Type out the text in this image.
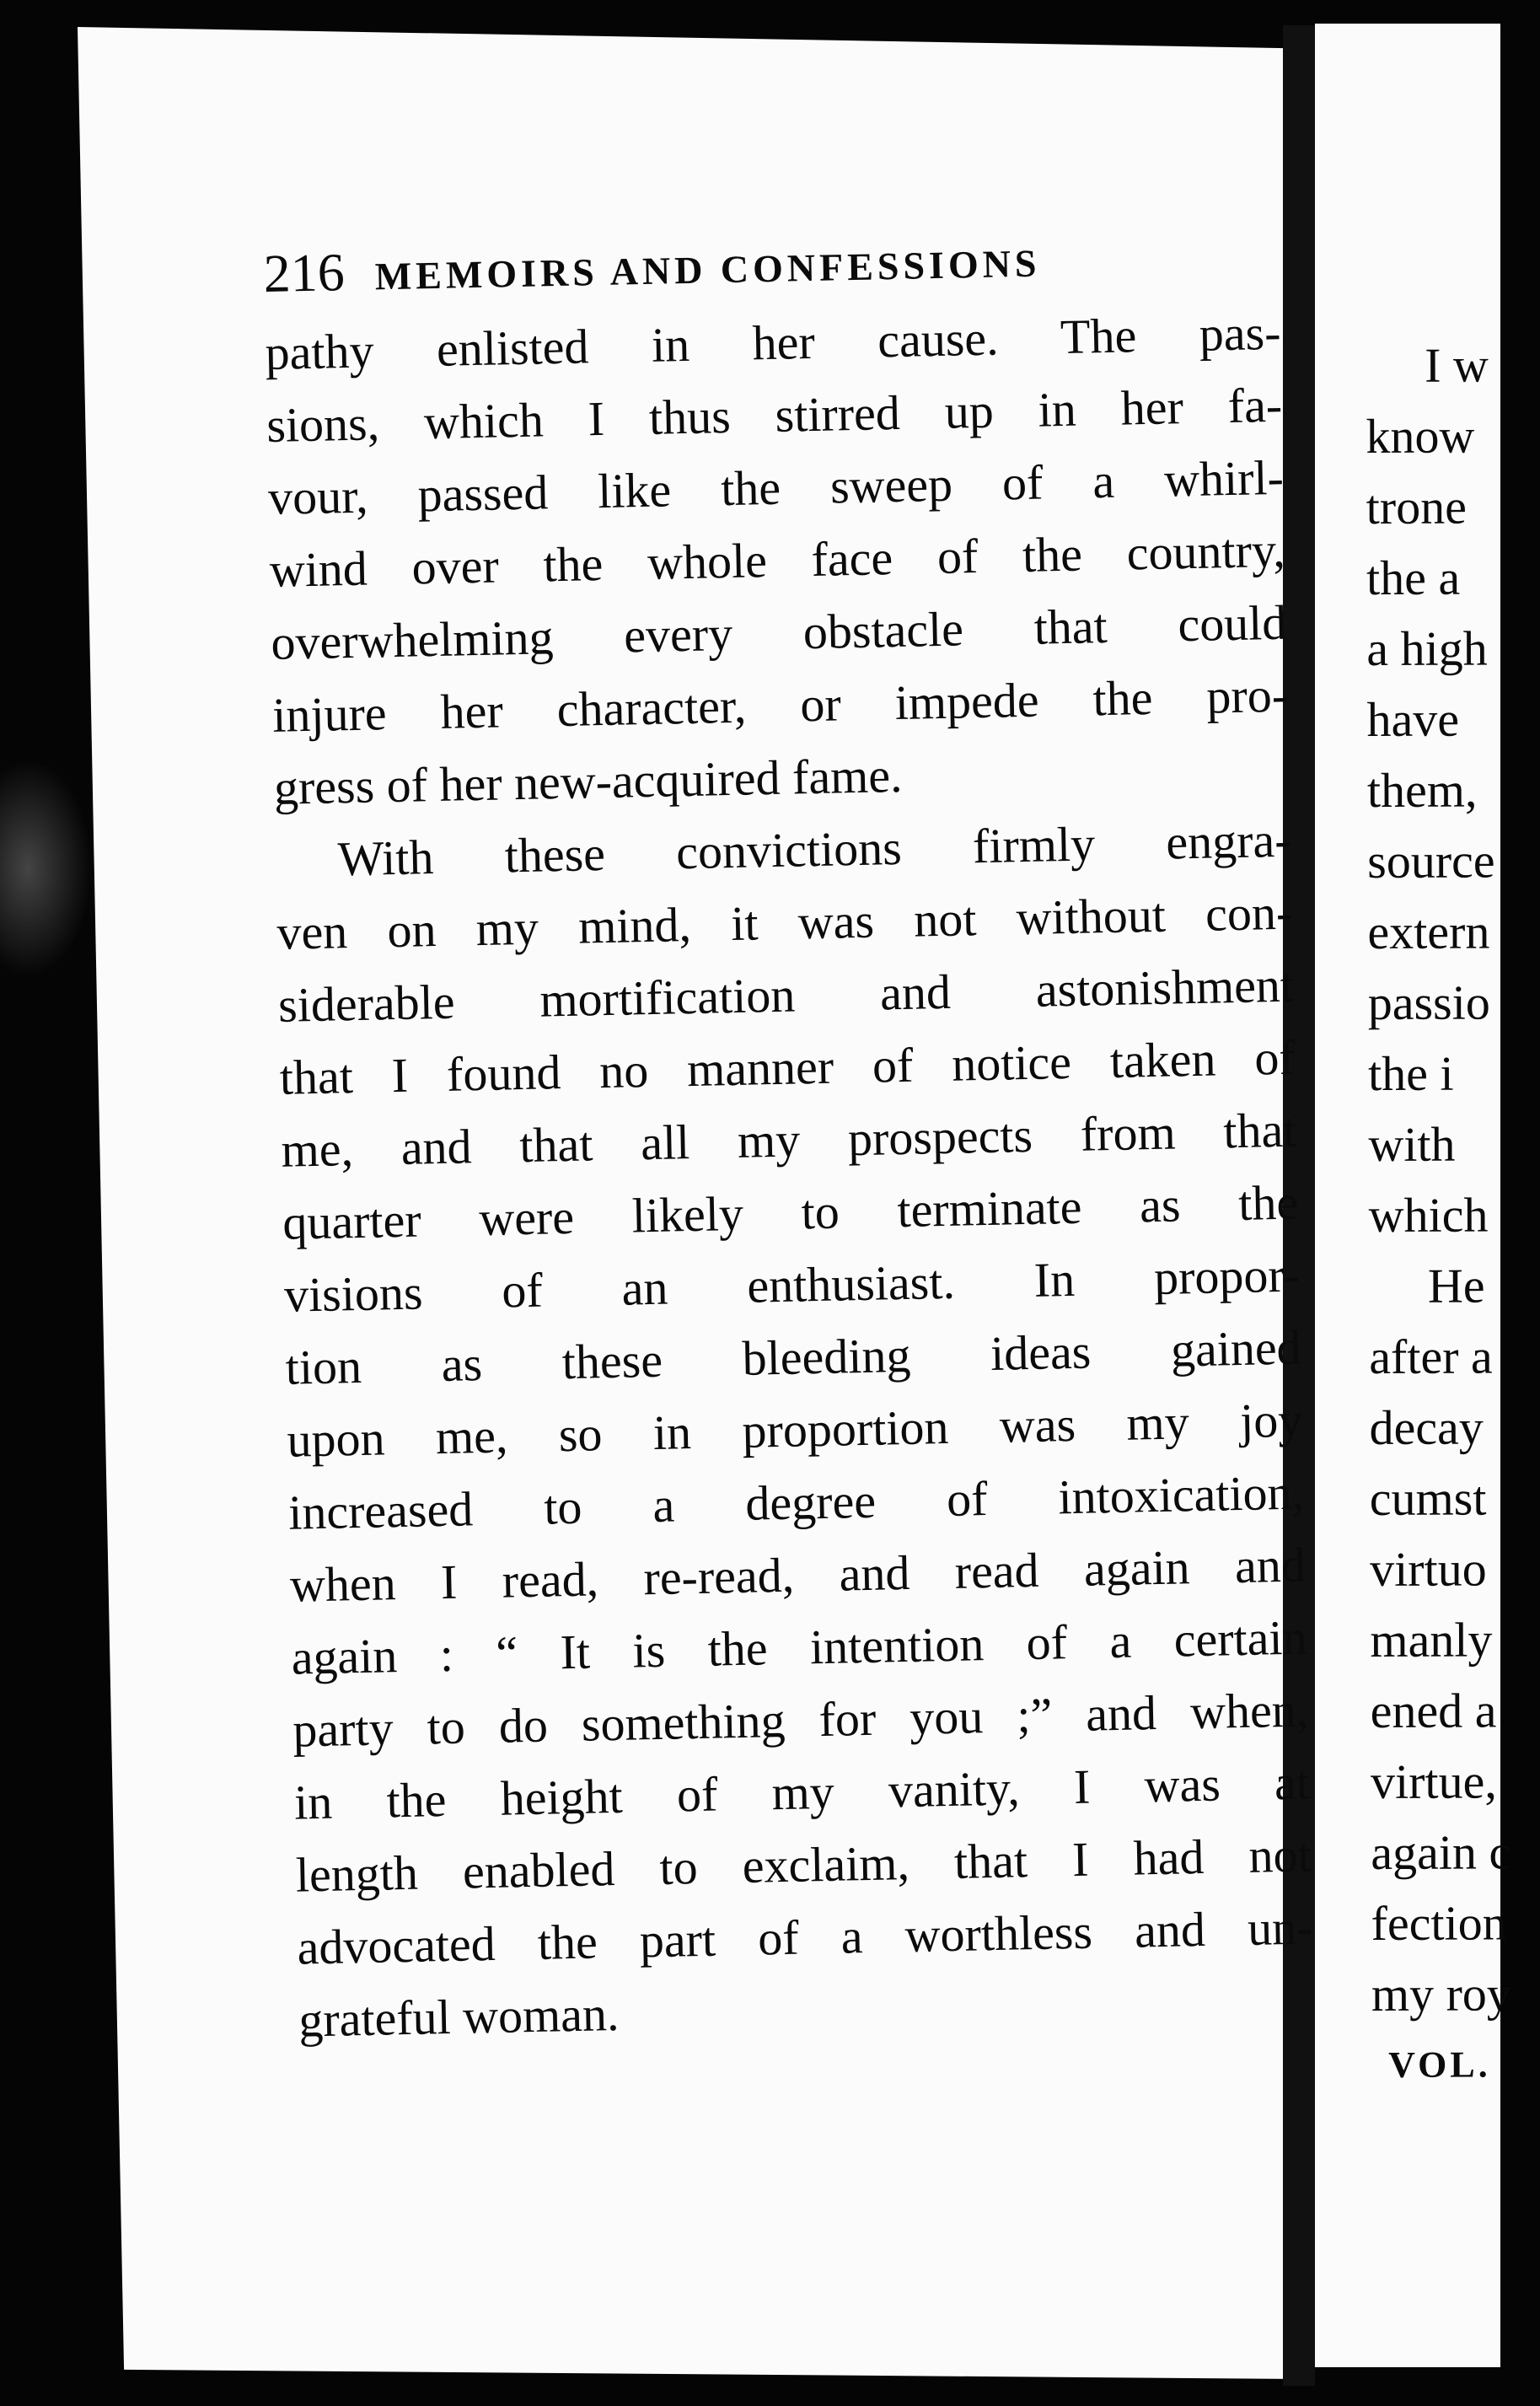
216 MEMOIRS AND CONFESSIONS
pathy enlisted in her cause. The pas-
sions, which I thus stirred up in her fa-
vour, passed like the sweep of a whirl-
wind over the whole face of the country,
overwhelming every obstacle that could
injure her character, or impede the pro-
gress of her new-acquired fame.
With these convictions firmly engra-
ven on my mind, it was not without con-
siderable mortification and astonishment
that I found no manner of notice taken of
me, and that all my prospects from that
quarter were likely to terminate as the
visions of an enthusiast. In propor-
tion as these bleeding ideas gained
upon me, so in proportion was my joy
increased to a degree of intoxication,
when I read, re-read, and read again and
again : “ It is the intention of a certain
party to do something for you ;” and when,
in the height of my vanity, I was at
length enabled to exclaim, that I had not
advocated the part of a worthless and un-
grateful woman.
I w
know
trone
the a
a high
have
them,
source
extern
passio
the i
with
which
He
after a
decay
cumst
virtuo
manly
ened a
virtue,
again c
fection
my roy
VOL.
